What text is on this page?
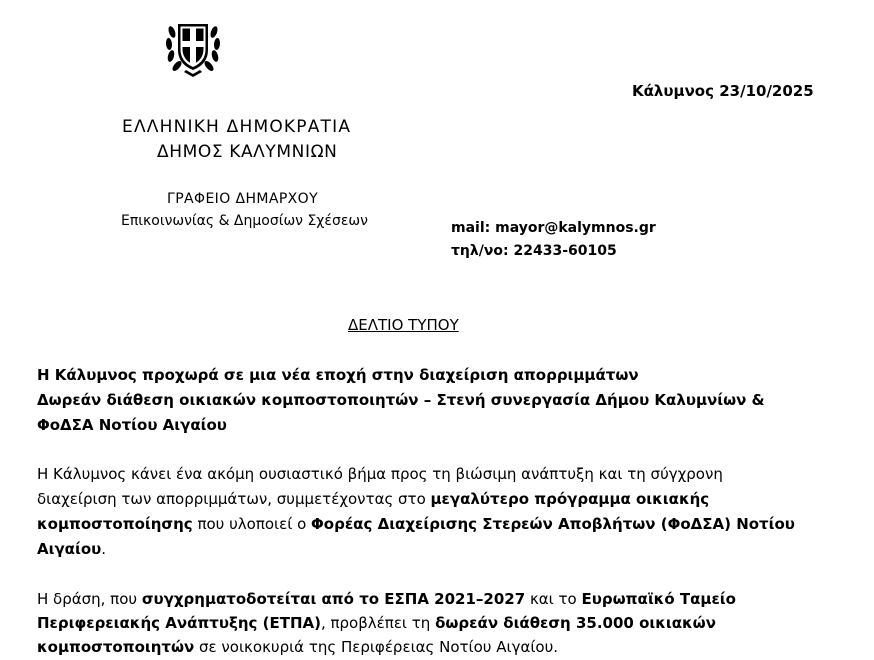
Κάλυμνος 23/10/2025
ΕΛΛΗΝΙΚΗ ΔΗΜΟΚΡΑΤΙΑ
ΔΗΜΟΣ ΚΑΛΥΜΝΙΩΝ
ΓΡΑΦΕΙΟ ΔΗΜΑΡΧΟΥ
Επικοινωνίας & Δημοσίων Σχέσεων	mail: mayor@kalymnos.gr
τηλ/νο: 22433-60105
ΔΕΛΤΙΟ ΤΥΠΟΥ
Η Κάλυμνος προχωρά σε μια νέα εποχή στην διαχείριση απορριμμάτων
Δωρεάν διάθεση οικιακών κομποστοποιητών – Στενή συνεργασία Δήμου Καλυμνίων &
ΦοΔΣΑ Νοτίου Αιγαίου
Η Κάλυμνος κάνει ένα ακόμη ουσιαστικό βήμα προς τη βιώσιμη ανάπτυξη και τη σύγχρονη
διαχείριση των απορριμμάτων, συμμετέχοντας στο μεγαλύτερο πρόγραμμα οικιακής
κομποστοποίησης που υλοποιεί ο Φορέας Διαχείρισης Στερεών Αποβλήτων (ΦοΔΣΑ) Νοτίου
Αιγαίου.
Η δράση, που συγχρηματοδοτείται από το ΕΣΠΑ 2021–2027 και το Ευρωπαϊκό Ταμείο
Περιφερειακής Ανάπτυξης (ΕΤΠΑ), προβλέπει τη δωρεάν διάθεση 35.000 οικιακών
κομποστοποιητών σε νοικοκυριά της Περιφέρειας Νοτίου Αιγαίου.
